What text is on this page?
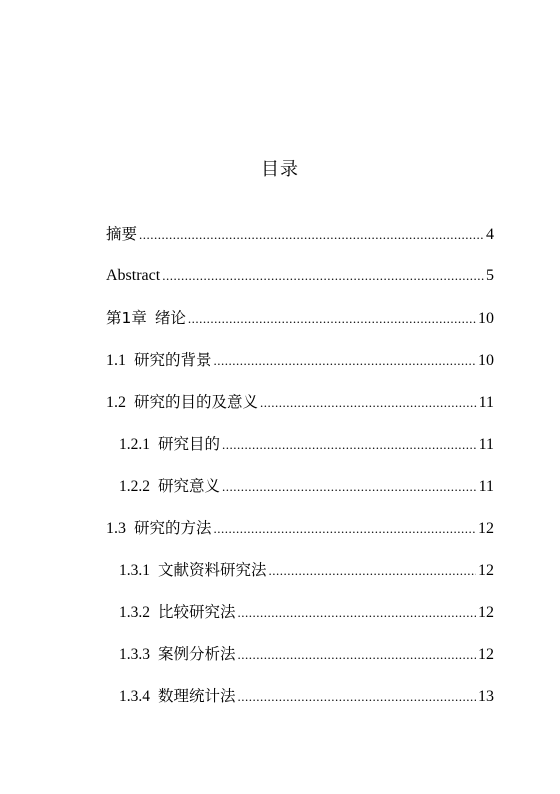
目录
摘要 .....	4
Abstract .....	5
第1章 绪论 .....	10
1.1 研究的背景 .....	10
1.2 研究的目的及意义 .....	11
1.2.1 研究目的 .....	11
1.2.2 研究意义 .....	11
1.3 研究的方法 .....	12
1.3.1 文献资料研究法 .....	12
1.3.2 比较研究法 .....	12
1.3.3 案例分析法 .....	12
1.3.4 数理统计法 .....	13
